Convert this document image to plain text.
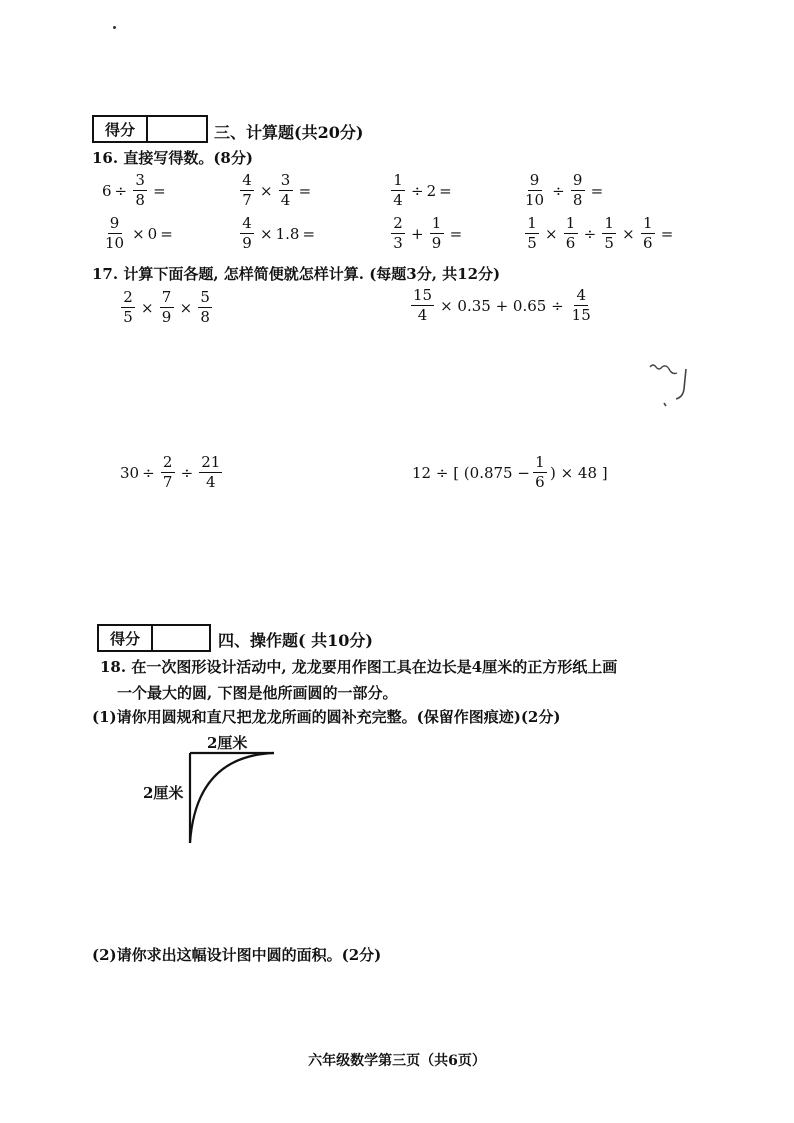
得分	三、计算题(共20分)
16. 直接写得数。(8分)
$6 \div \frac{3}{8}$ =	$\frac{4}{7} \times \frac{3}{4}$ =	$\frac{1}{4} \div 2$ =	$\frac{9}{10} \div \frac{9}{8}$ =
$\frac{9}{10} \times 0$ =	$\frac{4}{9} \times 1.8$ =	$\frac{2}{3} + \frac{1}{9}$ =	$\frac{1}{5} \times \frac{1}{6} \div \frac{1}{5} \times \frac{1}{6}$ =
17. 计算下面各题, 怎样简便就怎样计算. (每题3分, 共12分)
$\frac{2}{5} \times \frac{7}{9} \times \frac{5}{8}$	$\frac{15}{4} \times 0.35 + 0.65 \div \frac{4}{15}$
$30 \div \frac{2}{7} \div \frac{21}{4}$	12 ÷ [ ($0.875 - \frac{1}{6}$ ) × 48 ]
得分	四、操作题( 共10分)
18. 在一次图形设计活动中, 龙龙要用作图工具在边长是4厘米的正方形纸上画
一个最大的圆, 下图是他所画圆的一部分。
(1)请你用圆规和直尺把龙龙所画的圆补充完整。(保留作图痕迹)(2分)
2厘米
2厘米
(2)请你求出这幅设计图中圆的面积。(2分)
六年级数学第三页（共6页）
